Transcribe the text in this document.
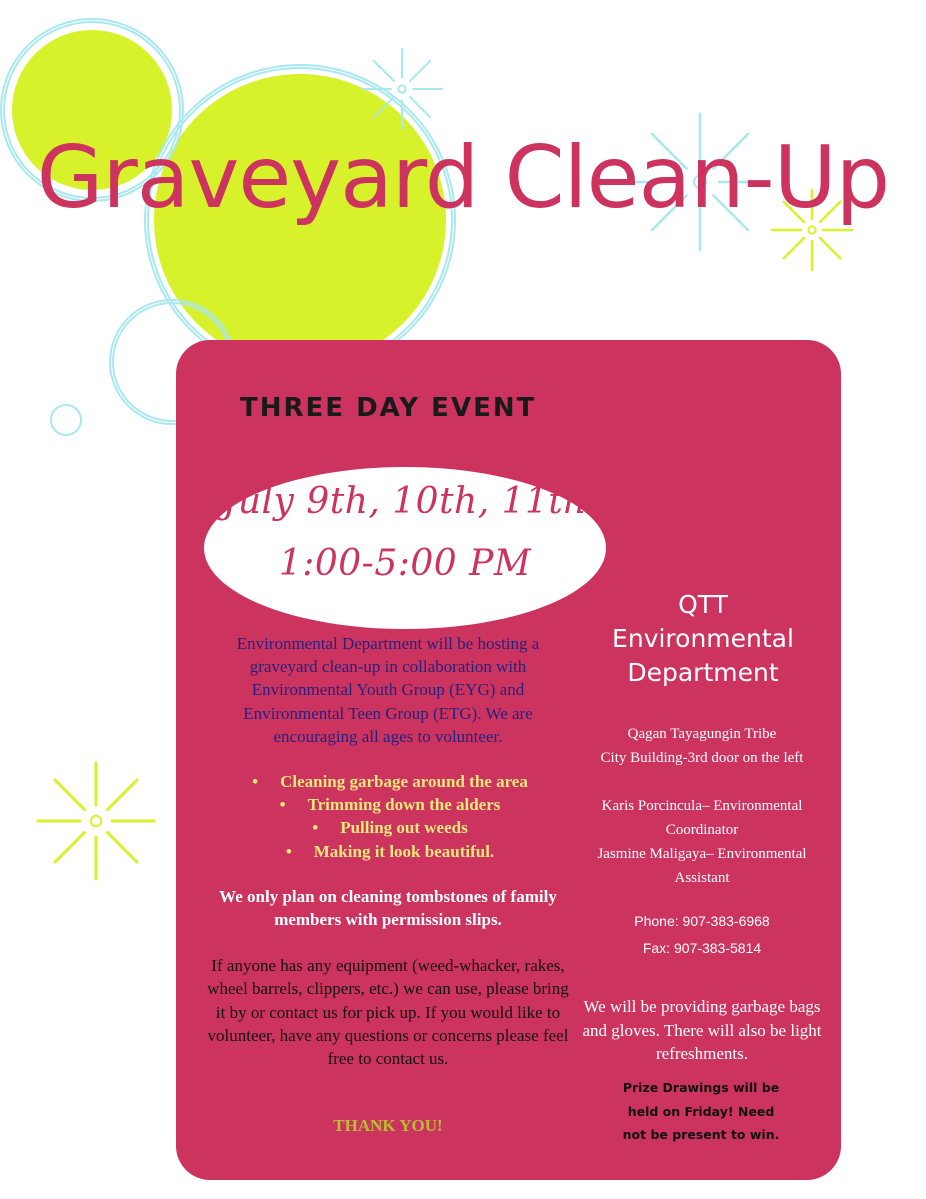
Graveyard Clean-Up
THREE DAY EVENT
July 9th, 10th, 11th
1:00-5:00 PM

Environmental Department will be hosting a graveyard clean-up in collaboration with Environmental Youth Group (EYG) and Environmental Teen Group (ETG). We are encouraging all ages to volunteer.

• Cleaning garbage around the area
• Trimming down the alders
• Pulling out weeds
• Making it look beautiful.

We only plan on cleaning tombstones of family members with permission slips.

If anyone has any equipment (weed-whacker, rakes, wheel barrels, clippers, etc.) we can use, please bring it by or contact us for pick up. If you would like to volunteer, have any questions or concerns please feel free to contact us.

THANK YOU!

QTT
Environmental
Department
Qagan Tayagungin Tribe
City Building-3rd door on the left
Karis Porcincula– Environmental
Coordinator
Jasmine Maligaya– Environmental
Assistant
Phone: 907-383-6968
Fax: 907-383-5814

We will be providing garbage bags and gloves. There will also be light refreshments.

Prize Drawings will be
held on Friday! Need
not be present to win.
